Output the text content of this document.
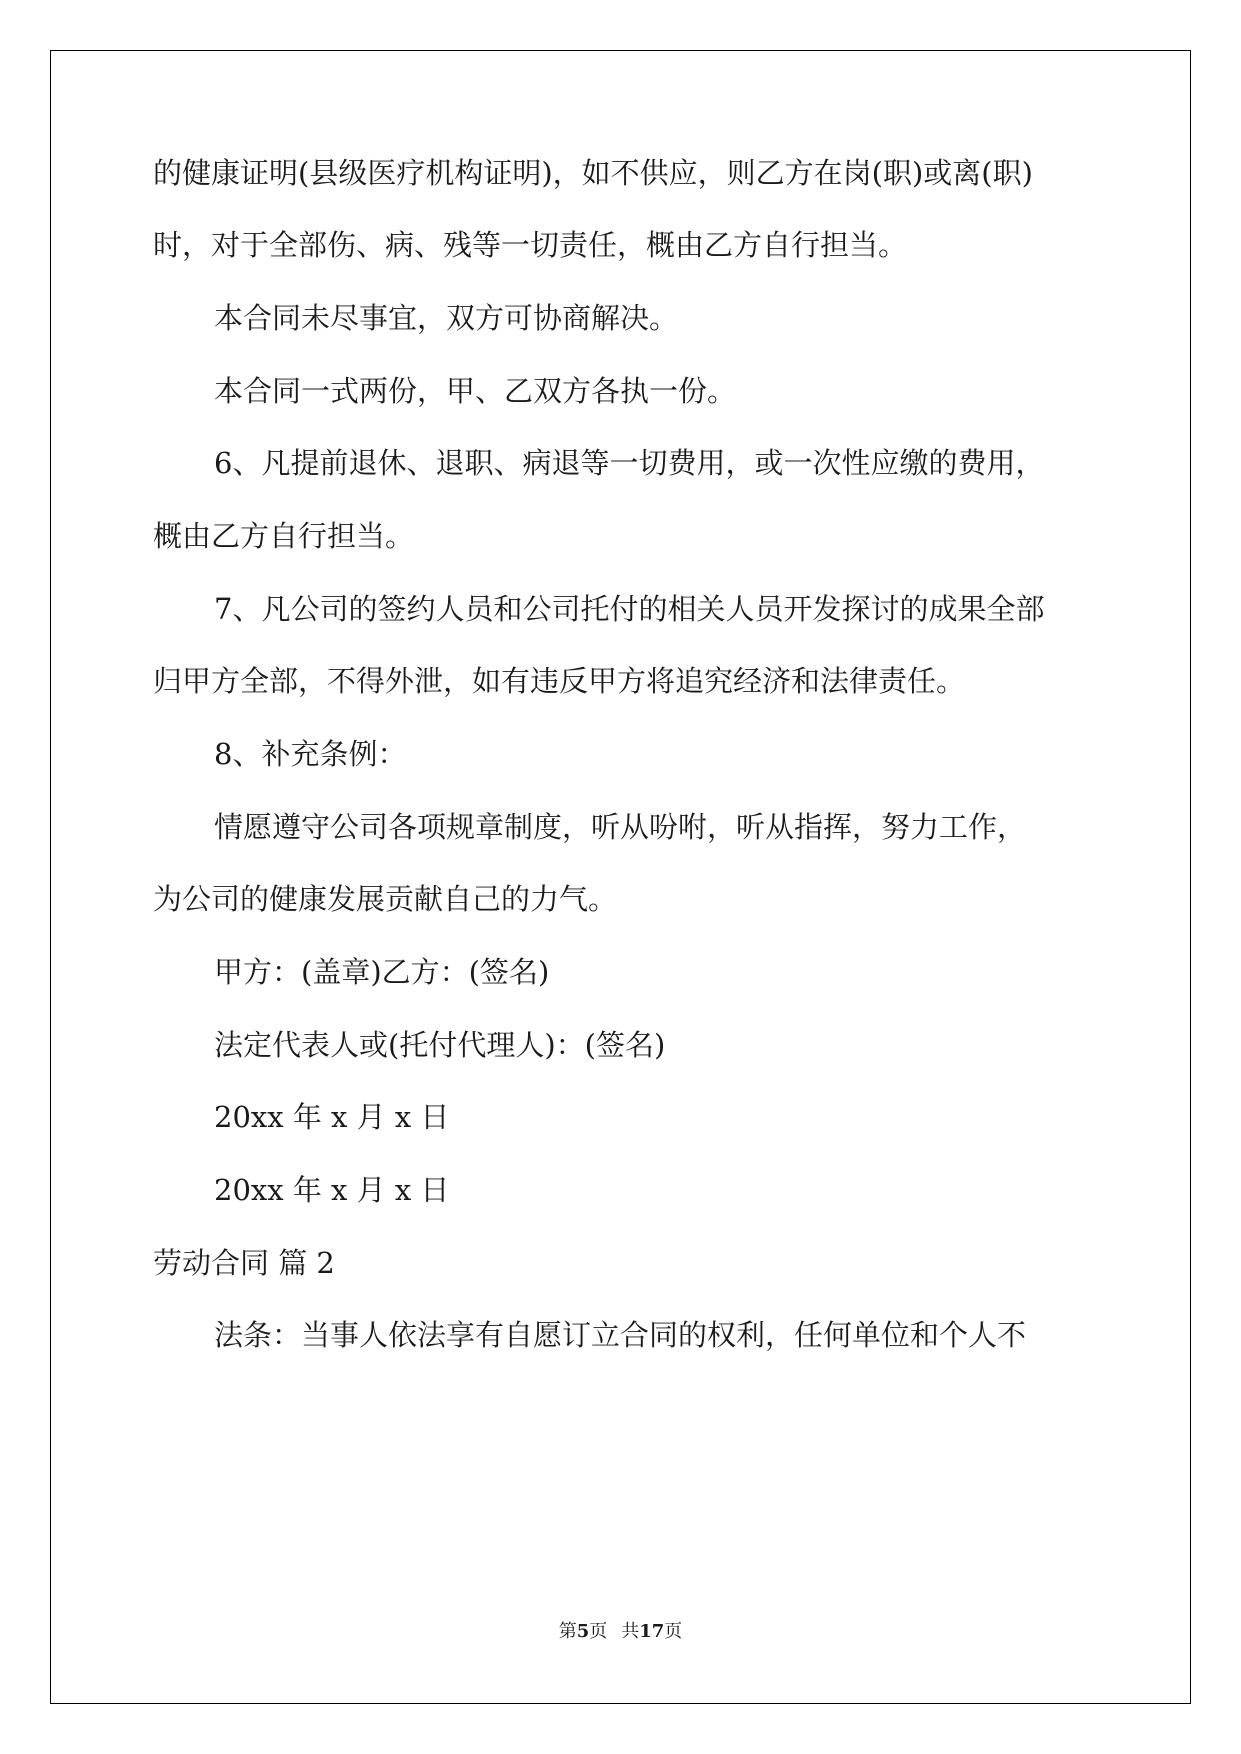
的健康证明(县级医疗机构证明)，如不供应，则乙方在岗(职)或离(职)
时，对于全部伤、病、残等一切责任，概由乙方自行担当。
本合同未尽事宜，双方可协商解决。
本合同一式两份，甲、乙双方各执一份。
6、凡提前退休、退职、病退等一切费用，或一次性应缴的费用，
概由乙方自行担当。
7、凡公司的签约人员和公司托付的相关人员开发探讨的成果全部
归甲方全部，不得外泄，如有违反甲方将追究经济和法律责任。
8、补充条例：
情愿遵守公司各项规章制度，听从吩咐，听从指挥，努力工作，
为公司的健康发展贡献自己的力气。
甲方：(盖章)乙方：(签名)
法定代表人或(托付代理人)：(签名)
20xx 年 x 月 x 日
20xx 年 x 月 x 日
劳动合同 篇 2
法条：当事人依法享有自愿订立合同的权利，任何单位和个人不
第5页 共17页
